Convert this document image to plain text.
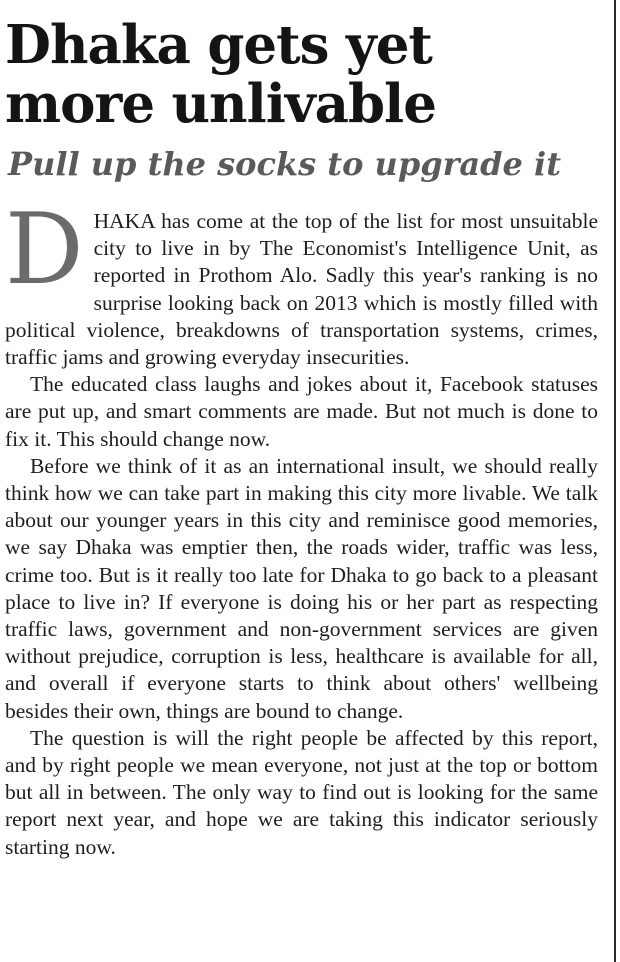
Dhaka gets yet
more unlivable
Pull up the socks to upgrade it

D HAKA has come at the top of the list for most unsuitable city to live in by The Economist's Intelligence Unit, as reported in Prothom Alo. Sadly this year's ranking is no surprise looking back on 2013 which is mostly filled with political violence, breakdowns of transportation systems, crimes, traffic jams and growing everyday insecurities.

The educated class laughs and jokes about it, Facebook statuses are put up, and smart comments are made. But not much is done to fix it. This should change now.

Before we think of it as an international insult, we should really think how we can take part in making this city more livable. We talk about our younger years in this city and reminisce good memories, we say Dhaka was emptier then, the roads wider, traffic was less, crime too. But is it really too late for Dhaka to go back to a pleasant place to live in? If everyone is doing his or her part as respecting traffic laws, government and non-government services are given without prejudice, corruption is less, healthcare is available for all, and overall if everyone starts to think about others' wellbeing besides their own, things are bound to change.

The question is will the right people be affected by this report, and by right people we mean everyone, not just at the top or bottom but all in between. The only way to find out is looking for the same report next year, and hope we are taking this indicator seriously starting now.
